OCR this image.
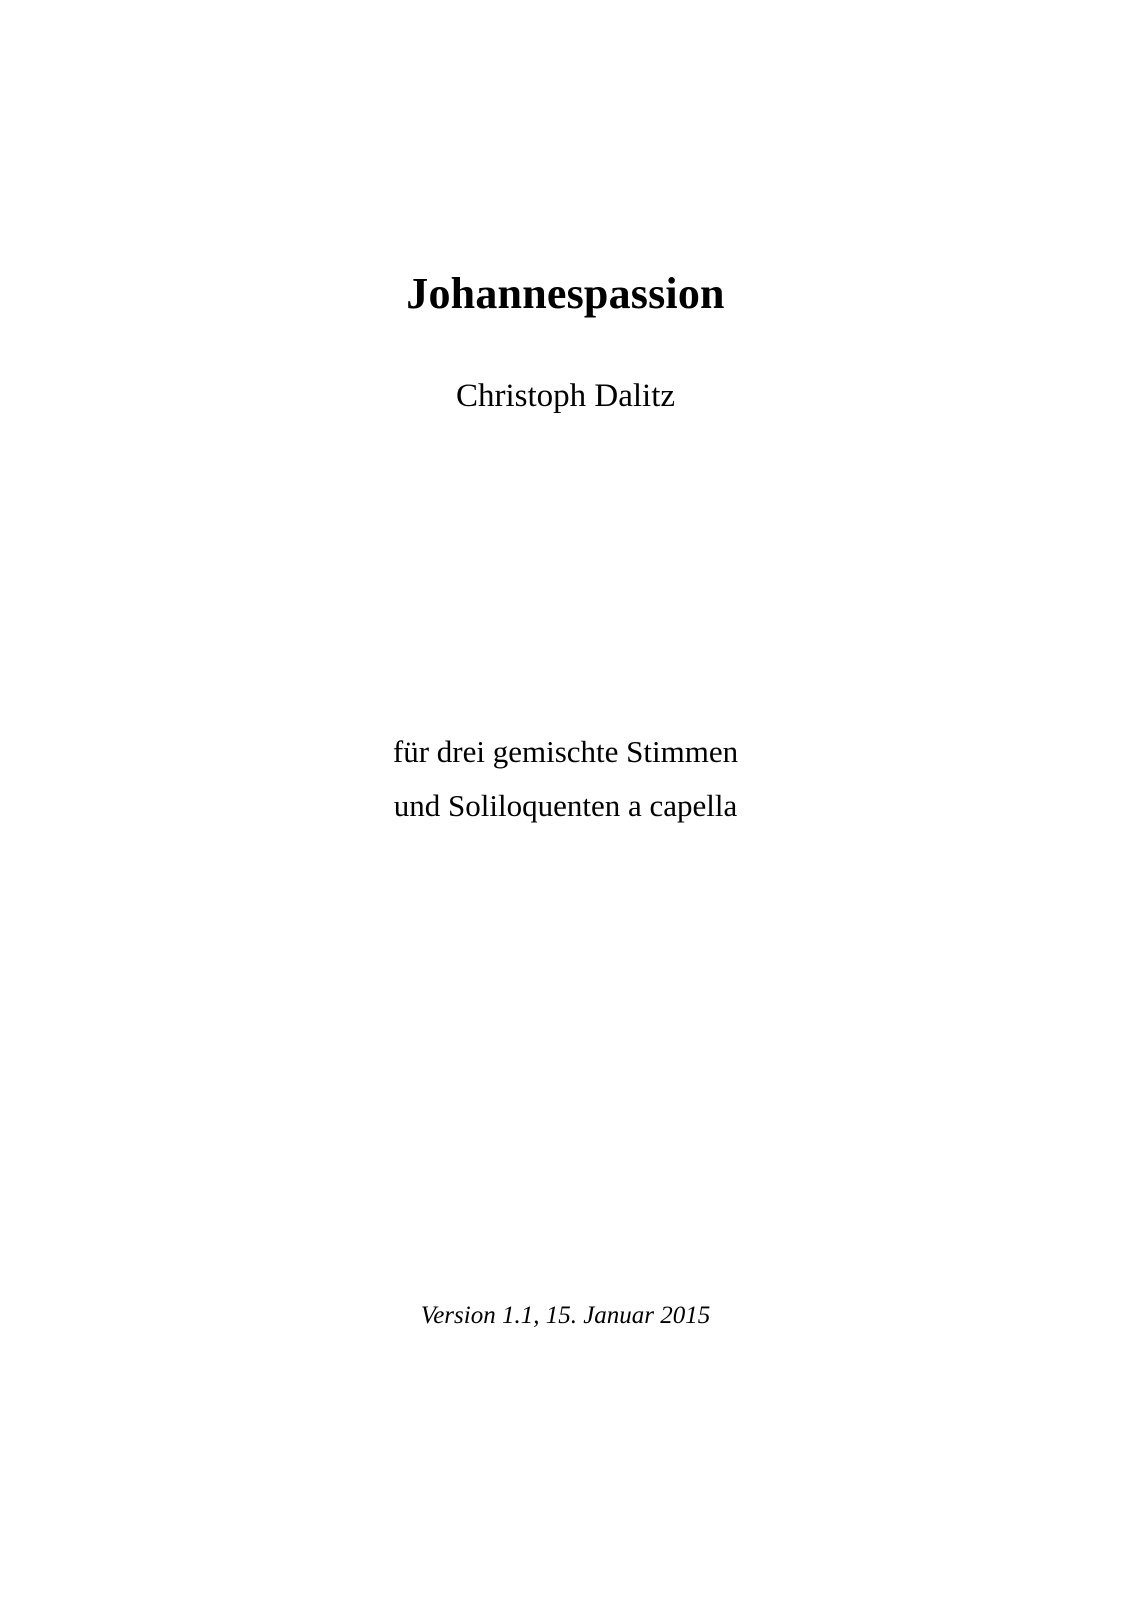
Johannespassion
Christoph Dalitz

für drei gemischte Stimmen

und Soliloquenten a capella

Version 1.1, 15. Januar 2015
